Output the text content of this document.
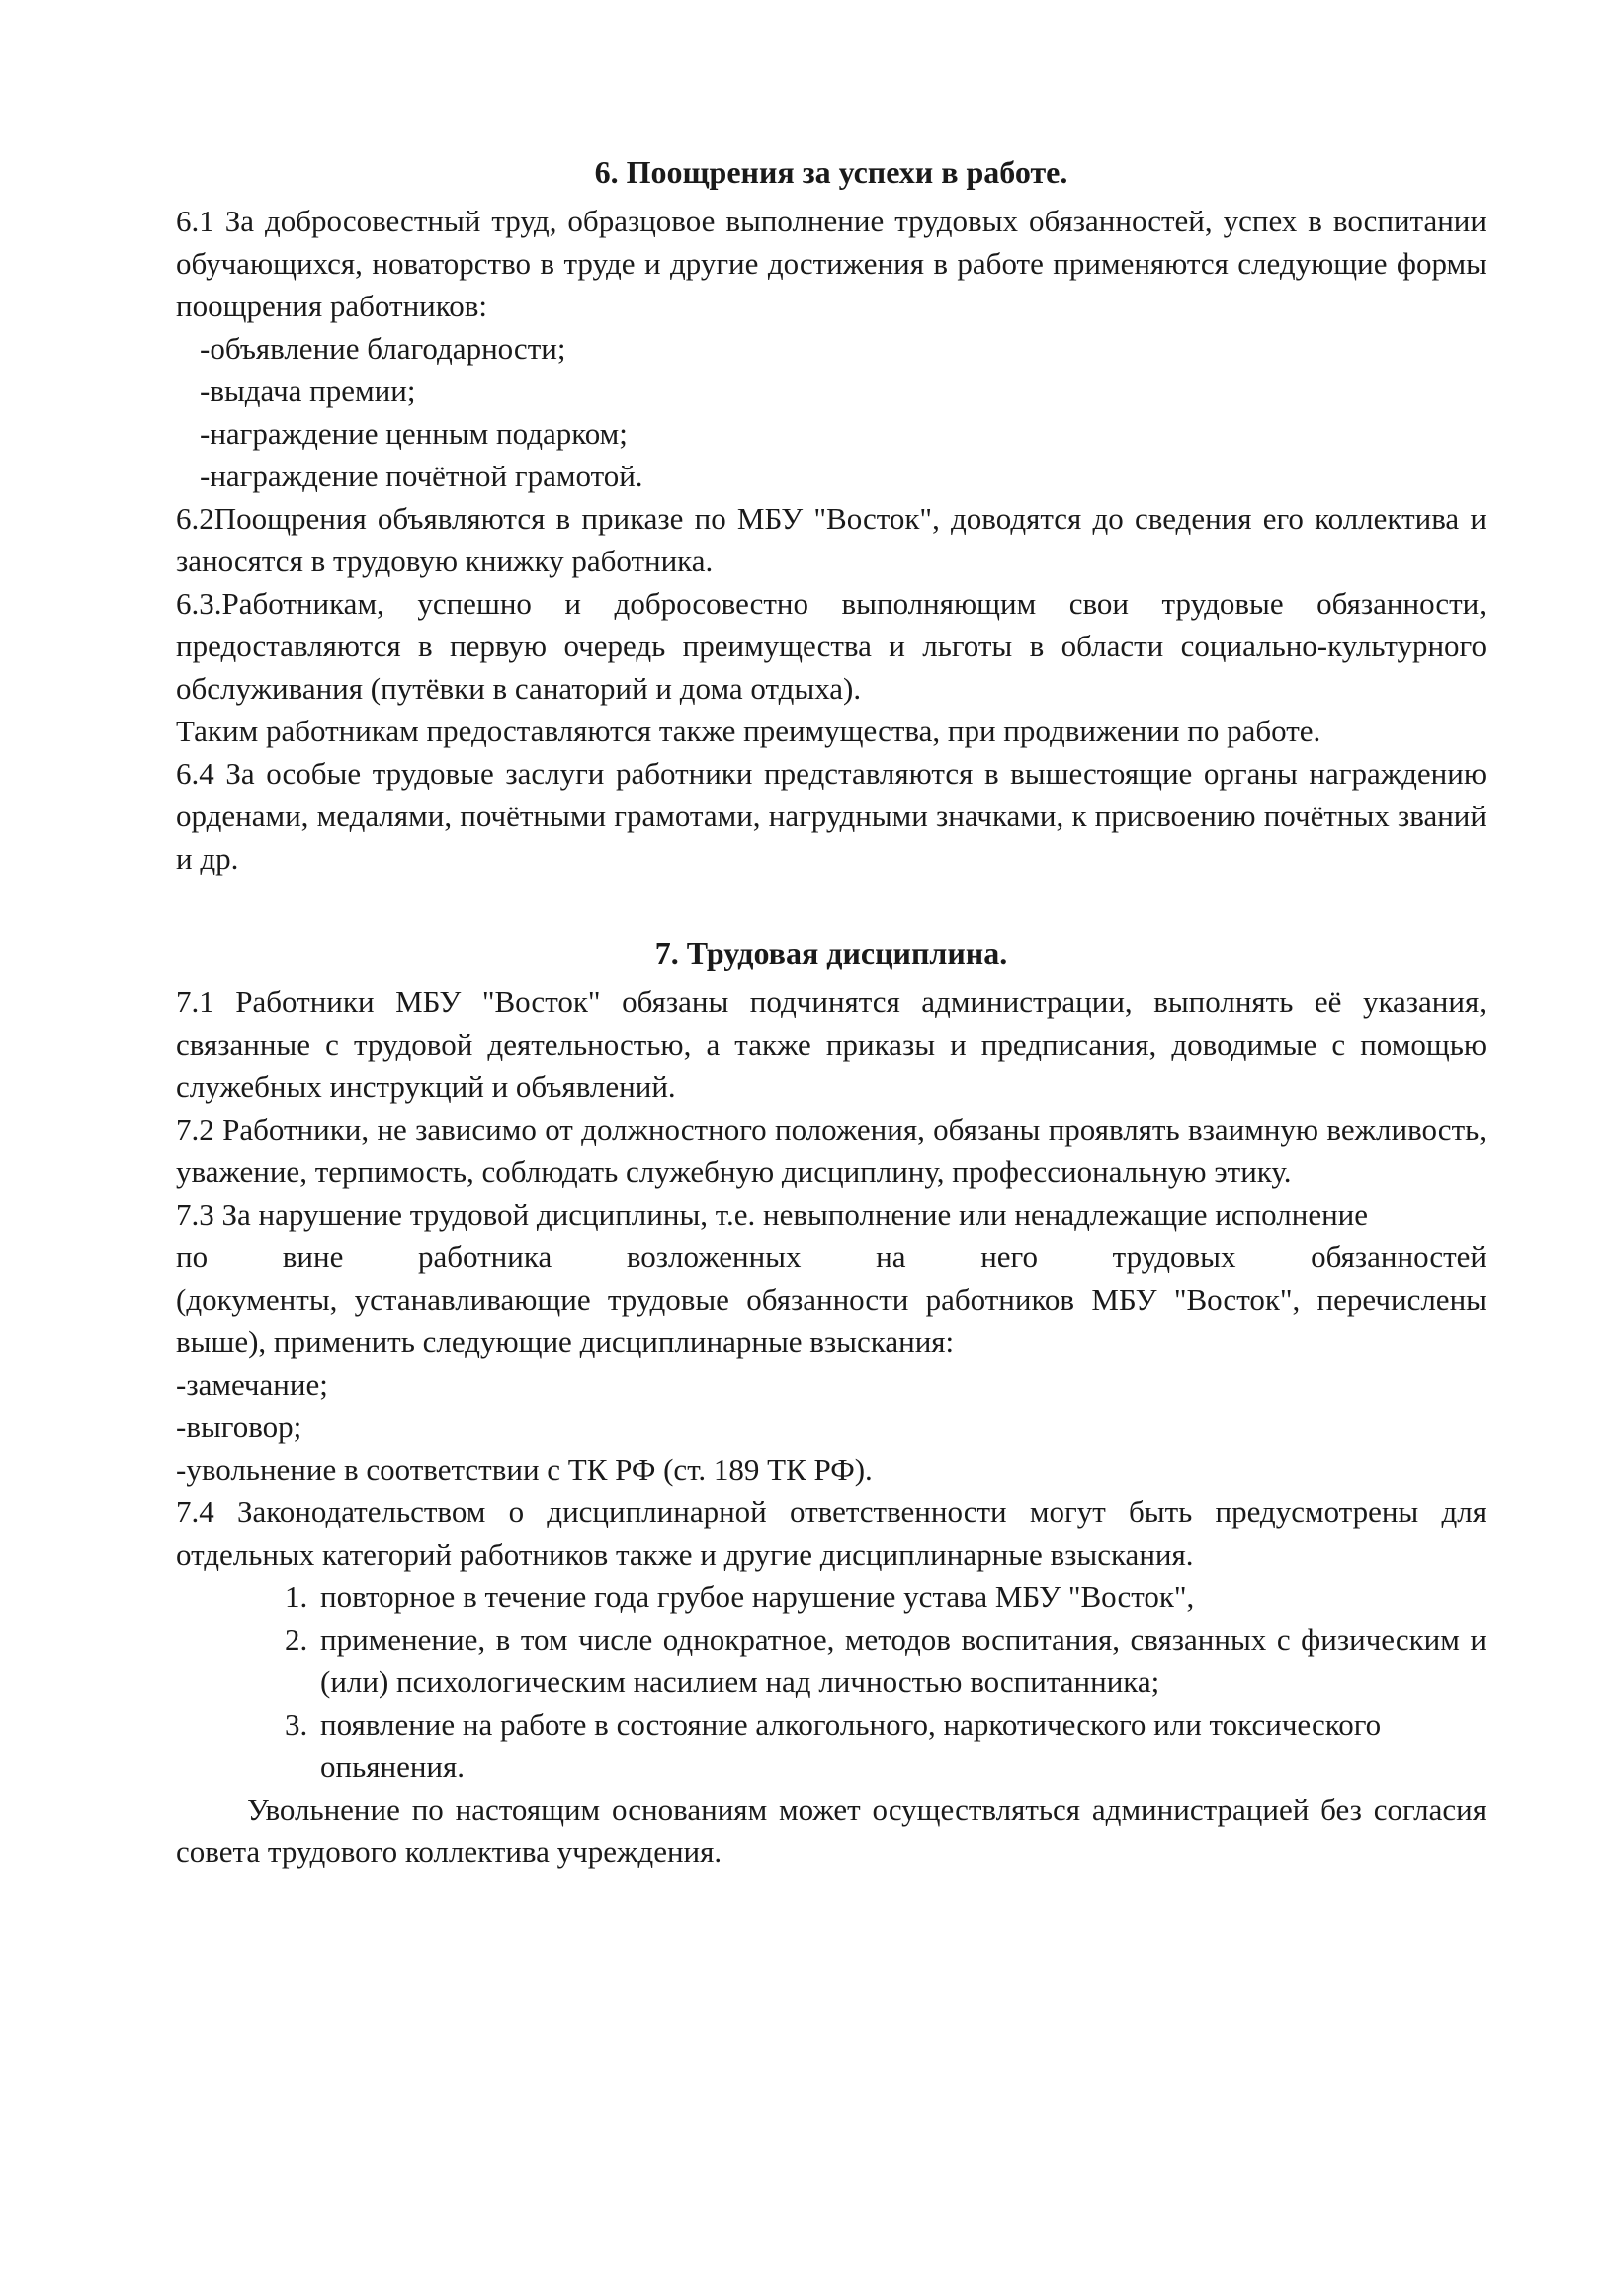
6. Поощрения за успехи в работе.

6.1 За добросовестный труд, образцовое выполнение трудовых обязанностей, успех в воспитании обучающихся, новаторство в труде и другие достижения в работе применяются следующие формы поощрения работников:

-объявление благодарности;

-выдача премии;

-награждение ценным подарком;

-награждение почётной грамотой.

6.2Поощрения объявляются в приказе по МБУ "Восток", доводятся до сведения его коллектива и заносятся в трудовую книжку работника.

6.3.Работникам, успешно и добросовестно выполняющим свои трудовые обязанности, предоставляются в первую очередь преимущества и льготы в области социально-культурного обслуживания (путёвки в санаторий и дома отдыха).

Таким работникам предоставляются также преимущества, при продвижении по работе.

6.4 За особые трудовые заслуги работники представляются в вышестоящие органы награждению орденами, медалями, почётными грамотами, нагрудными значками, к присвоению почётных званий и др.

7. Трудовая дисциплина.

7.1 Работники МБУ "Восток" обязаны подчинятся администрации, выполнять её указания, связанные с трудовой деятельностью, а также приказы и предписания, доводимые с помощью служебных инструкций и объявлений.

7.2 Работники, не зависимо от должностного положения, обязаны проявлять взаимную вежливость, уважение, терпимость, соблюдать служебную дисциплину, профессиональную этику.

7.3 За нарушение трудовой дисциплины, т.е. невыполнение или ненадлежащие исполнение

по вине работника возложенных на него трудовых обязанностей

(документы, устанавливающие трудовые обязанности работников МБУ "Восток", перечислены выше), применить следующие дисциплинарные взыскания:

-замечание;

-выговор;

-увольнение в соответствии с ТК РФ (ст. 189 ТК РФ).

7.4 Законодательством о дисциплинарной ответственности могут быть предусмотрены для отдельных категорий работников также и другие дисциплинарные взыскания.

1. повторное в течение года грубое нарушение устава МБУ "Восток",
2. применение, в том числе однократное, методов воспитания, связанных с физическим и (или) психологическим насилием над личностью воспитанника;
3. появление на работе в состояние алкогольного, наркотического или токсического
опьянения.

Увольнение по настоящим основаниям может осуществляться администрацией без согласия совета трудового коллектива учреждения.
